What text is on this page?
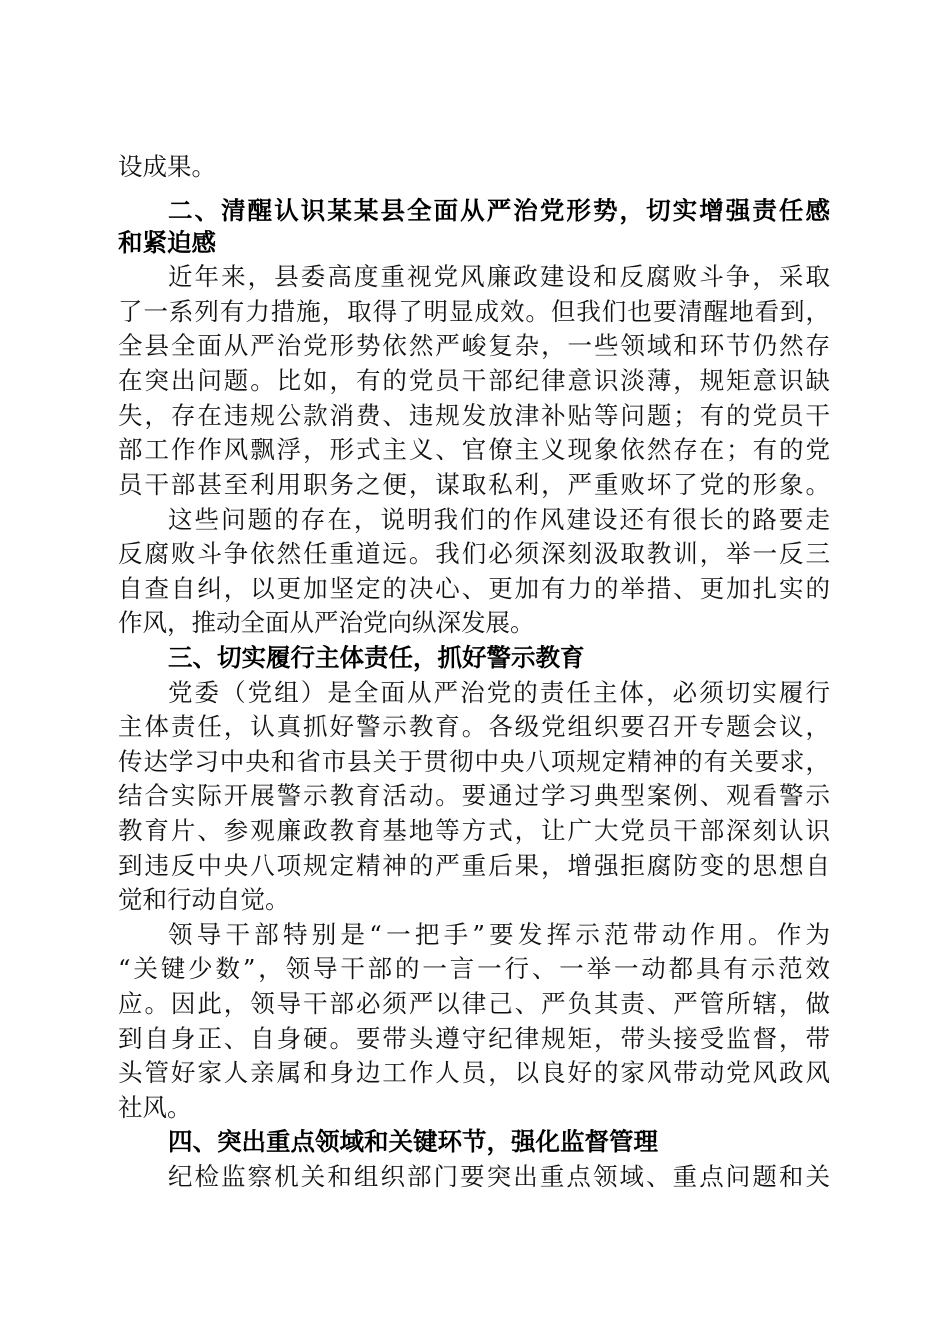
设成果。
二、清醒认识某某县全面从严治党形势，切实增强责任感
和紧迫感
近年来，县委高度重视党风廉政建设和反腐败斗争，采取
了一系列有力措施，取得了明显成效。但我们也要清醒地看到，
全县全面从严治党形势依然严峻复杂，一些领域和环节仍然存
在突出问题。比如，有的党员干部纪律意识淡薄，规矩意识缺
失，存在违规公款消费、违规发放津补贴等问题；有的党员干
部工作作风飘浮，形式主义、官僚主义现象依然存在；有的党
员干部甚至利用职务之便，谋取私利，严重败坏了党的形象。
这些问题的存在，说明我们的作风建设还有很长的路要走
反腐败斗争依然任重道远。我们必须深刻汲取教训，举一反三
自查自纠，以更加坚定的决心、更加有力的举措、更加扎实的
作风，推动全面从严治党向纵深发展。
三、切实履行主体责任，抓好警示教育
党委（党组）是全面从严治党的责任主体，必须切实履行
主体责任，认真抓好警示教育。各级党组织要召开专题会议，
传达学习中央和省市县关于贯彻中央八项规定精神的有关要求，
结合实际开展警示教育活动。要通过学习典型案例、观看警示
教育片、参观廉政教育基地等方式，让广大党员干部深刻认识
到违反中央八项规定精神的严重后果，增强拒腐防变的思想自
觉和行动自觉。
领导干部特别是“一把手”要发挥示范带动作用。作为
“关键少数”，领导干部的一言一行、一举一动都具有示范效
应。因此，领导干部必须严以律己、严负其责、严管所辖，做
到自身正、自身硬。要带头遵守纪律规矩，带头接受监督，带
头管好家人亲属和身边工作人员，以良好的家风带动党风政风
社风。
四、突出重点领域和关键环节，强化监督管理
纪检监察机关和组织部门要突出重点领域、重点问题和关
